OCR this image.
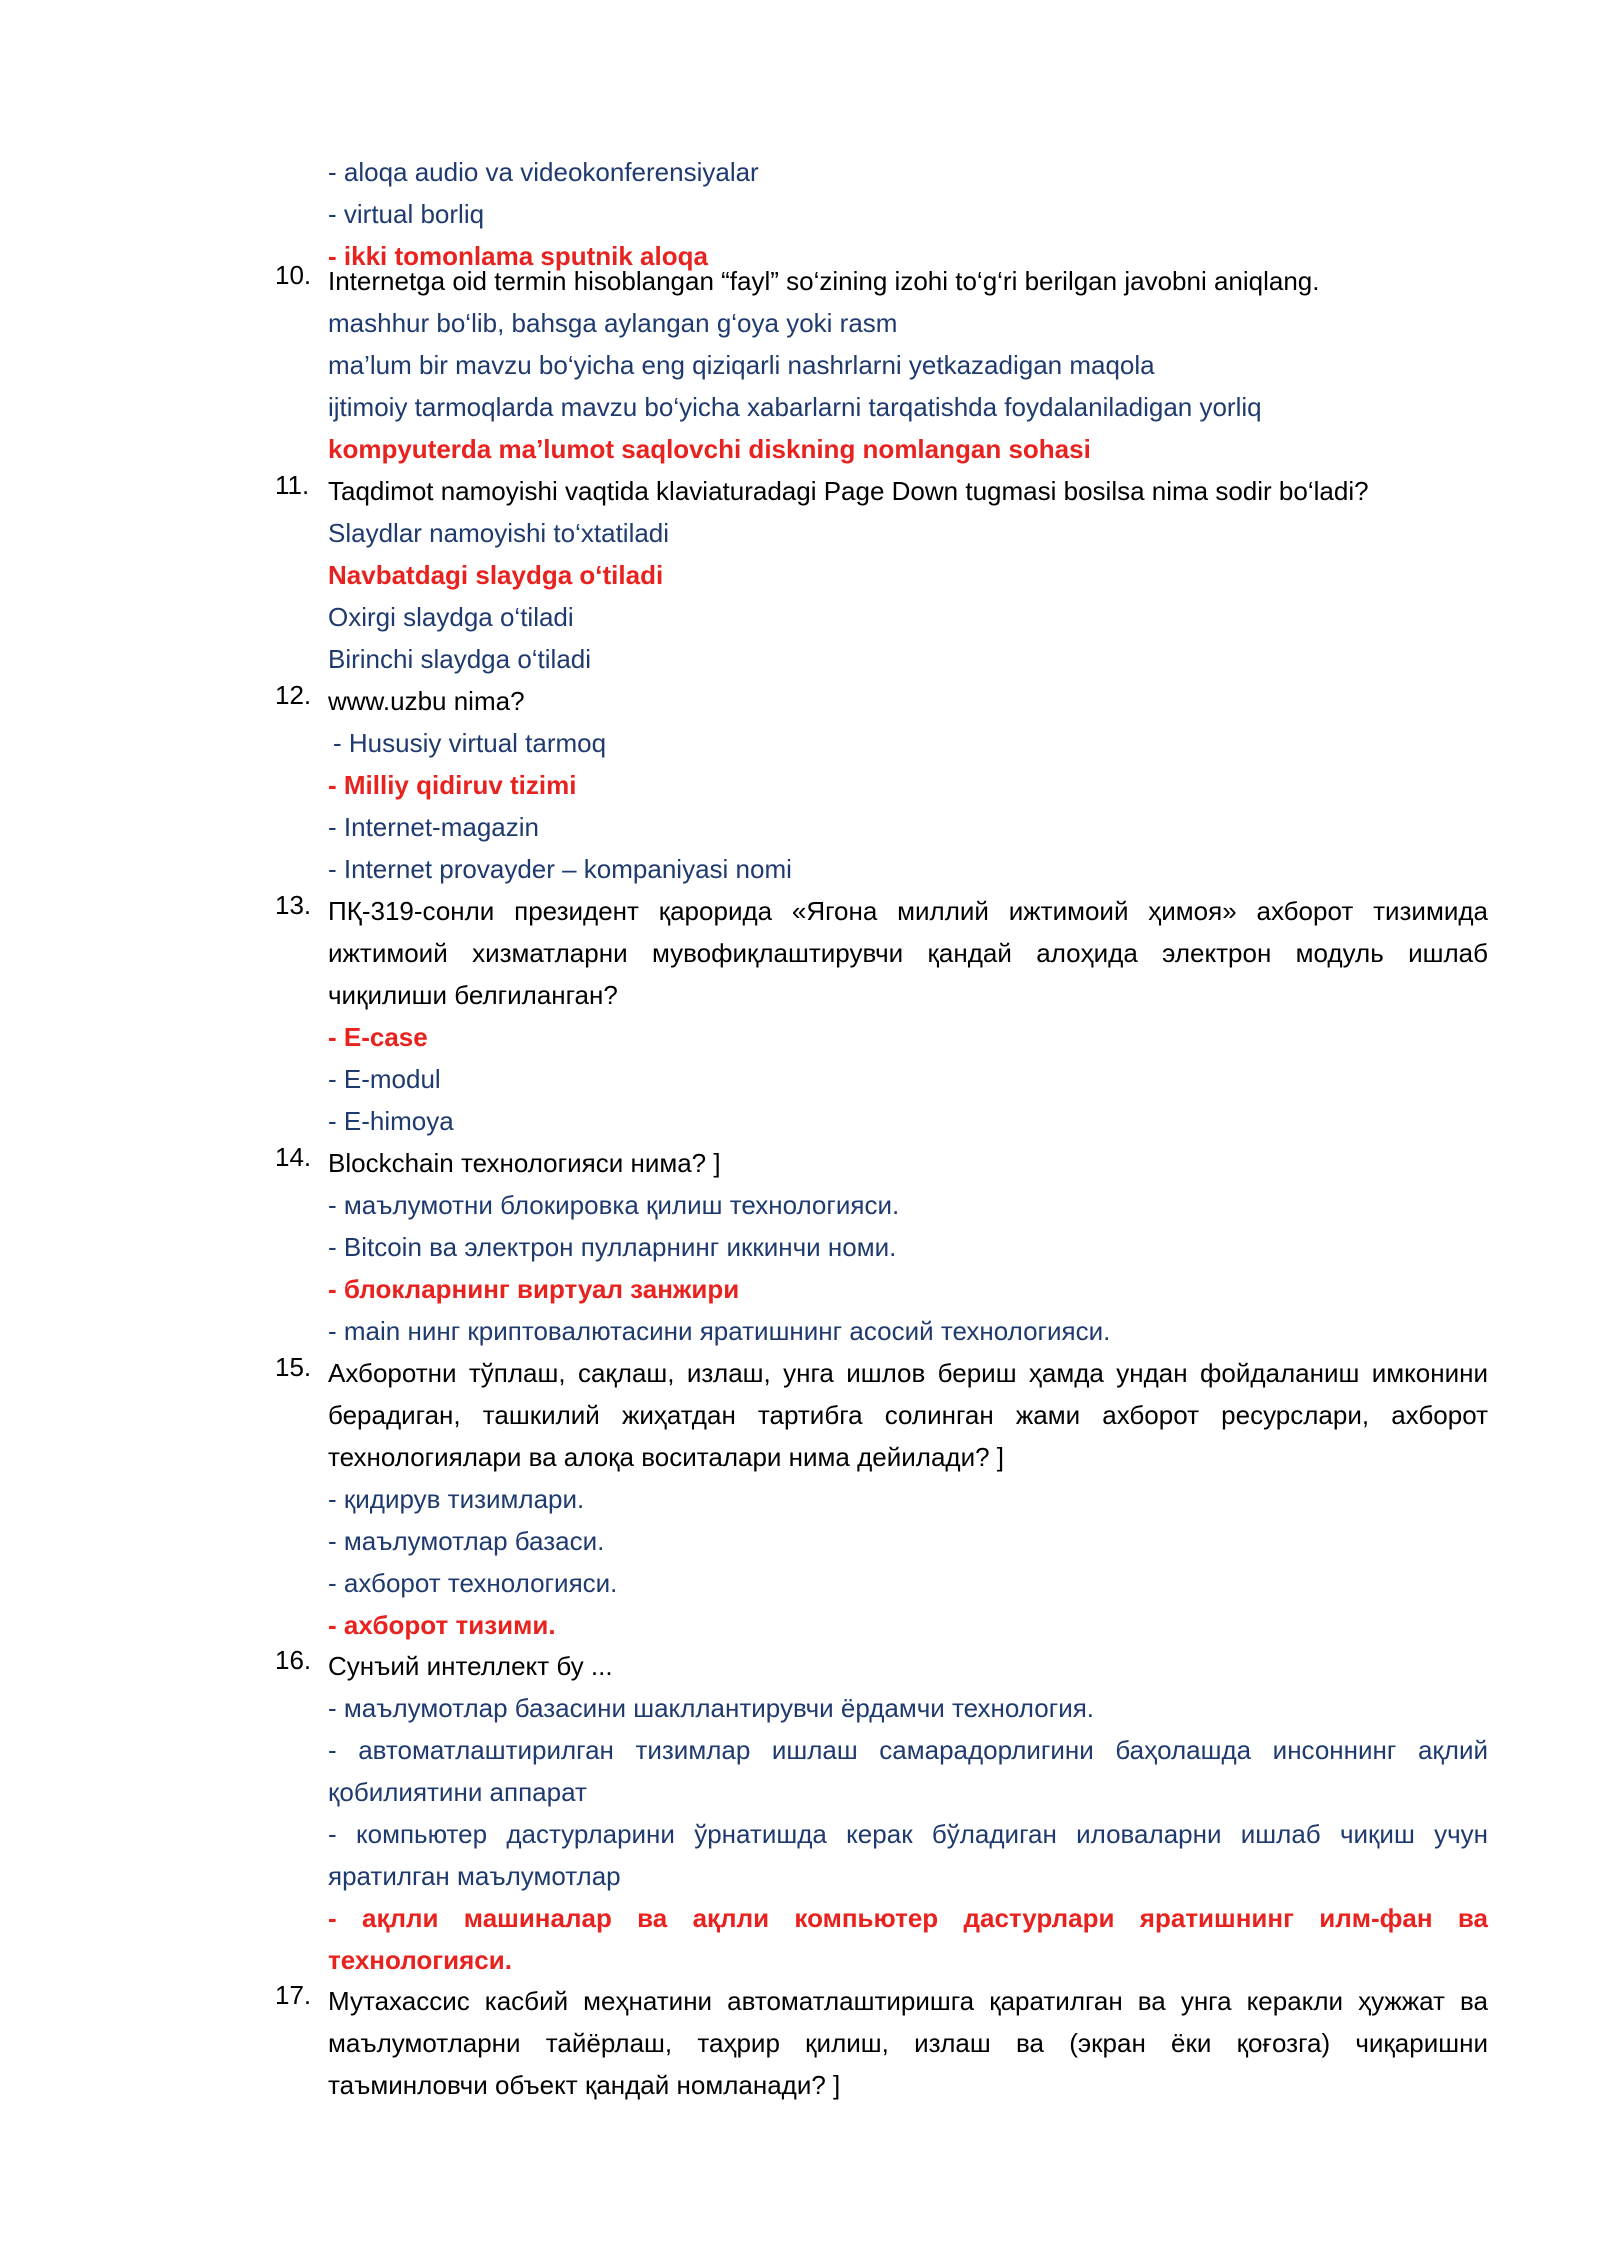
- aloqa audio va videokonferensiyalar
- virtual borliq
- ikki tomonlama sputnik aloqa
10. Internetga oid termin hisoblangan “fayl” so‘zining izohi to‘g‘ri berilgan javobni aniqlang.
mashhur bo‘lib, bahsga aylangan g‘oya yoki rasm
ma’lum bir mavzu bo‘yicha eng qiziqarli nashrlarni yetkazadigan maqola
ijtimoiy tarmoqlarda mavzu bo‘yicha xabarlarni tarqatishda foydalaniladigan yorliq
kompyuterda ma’lumot saqlovchi diskning nomlangan sohasi
11. Taqdimot namoyishi vaqtida klaviaturadagi Page Down tugmasi bosilsa nima sodir bo‘ladi?
Slaydlar namoyishi to‘xtatiladi
Navbatdagi slaydga o‘tiladi
Oxirgi slaydga o‘tiladi
Birinchi slaydga o‘tiladi
12. www.uzbu nima?
- Hususiy virtual tarmoq
- Milliy qidiruv tizimi
- Internet-magazin
- Internet provayder – kompaniyasi nomi
13. ПҚ-319-сонли президент қарорида «Ягона миллий ижтимоий ҳимоя» ахборот тизимида ижтимоий хизматларни мувофиқлаштирувчи қандай алоҳида электрон модуль ишлаб чиқилиши белгиланган?
- E-case
- E-modul
- E-himoya
14. Blockchain технологияси нима? ]
- маълумотни блокировка қилиш технологияси.
- Bitcoin ва электрон пулларнинг иккинчи номи.
- блокларнинг виртуал занжири
- main нинг криптовалютасини яратишнинг асосий технологияси.
15. Ахборотни тўплаш, сақлаш, излаш, унга ишлов бериш ҳамда ундан фойдаланиш имконини берадиган, ташкилий жиҳатдан тартибга солинган жами ахборот ресурслари, ахборот технологиялари ва алоқа воситалари нима дейилади? ]
- қидирув тизимлари.
- маълумотлар базаси.
- ахборот технологияси.
- ахборот тизими.
16. Сунъий интеллект бу ...
- маълумотлар базасини шакллантирувчи ёрдамчи технология.
- автоматлаштирилган тизимлар ишлаш самарадорлигини баҳолашда инсоннинг ақлий қобилиятини аппарат
- компьютер дастурларини ўрнатишда керак бўладиган иловаларни ишлаб чиқиш учун яратилган маълумотлар
- ақлли машиналар ва ақлли компьютер дастурлари яратишнинг илм-фан ва технологияси.
17. Мутахассис касбий меҳнатини автоматлаштиришга қаратилган ва унга керакли ҳужжат ва маълумотларни тайёрлаш, таҳрир қилиш, излаш ва (экран ёки қоғозга) чиқаришни таъминловчи объект қандай номланади? ]
